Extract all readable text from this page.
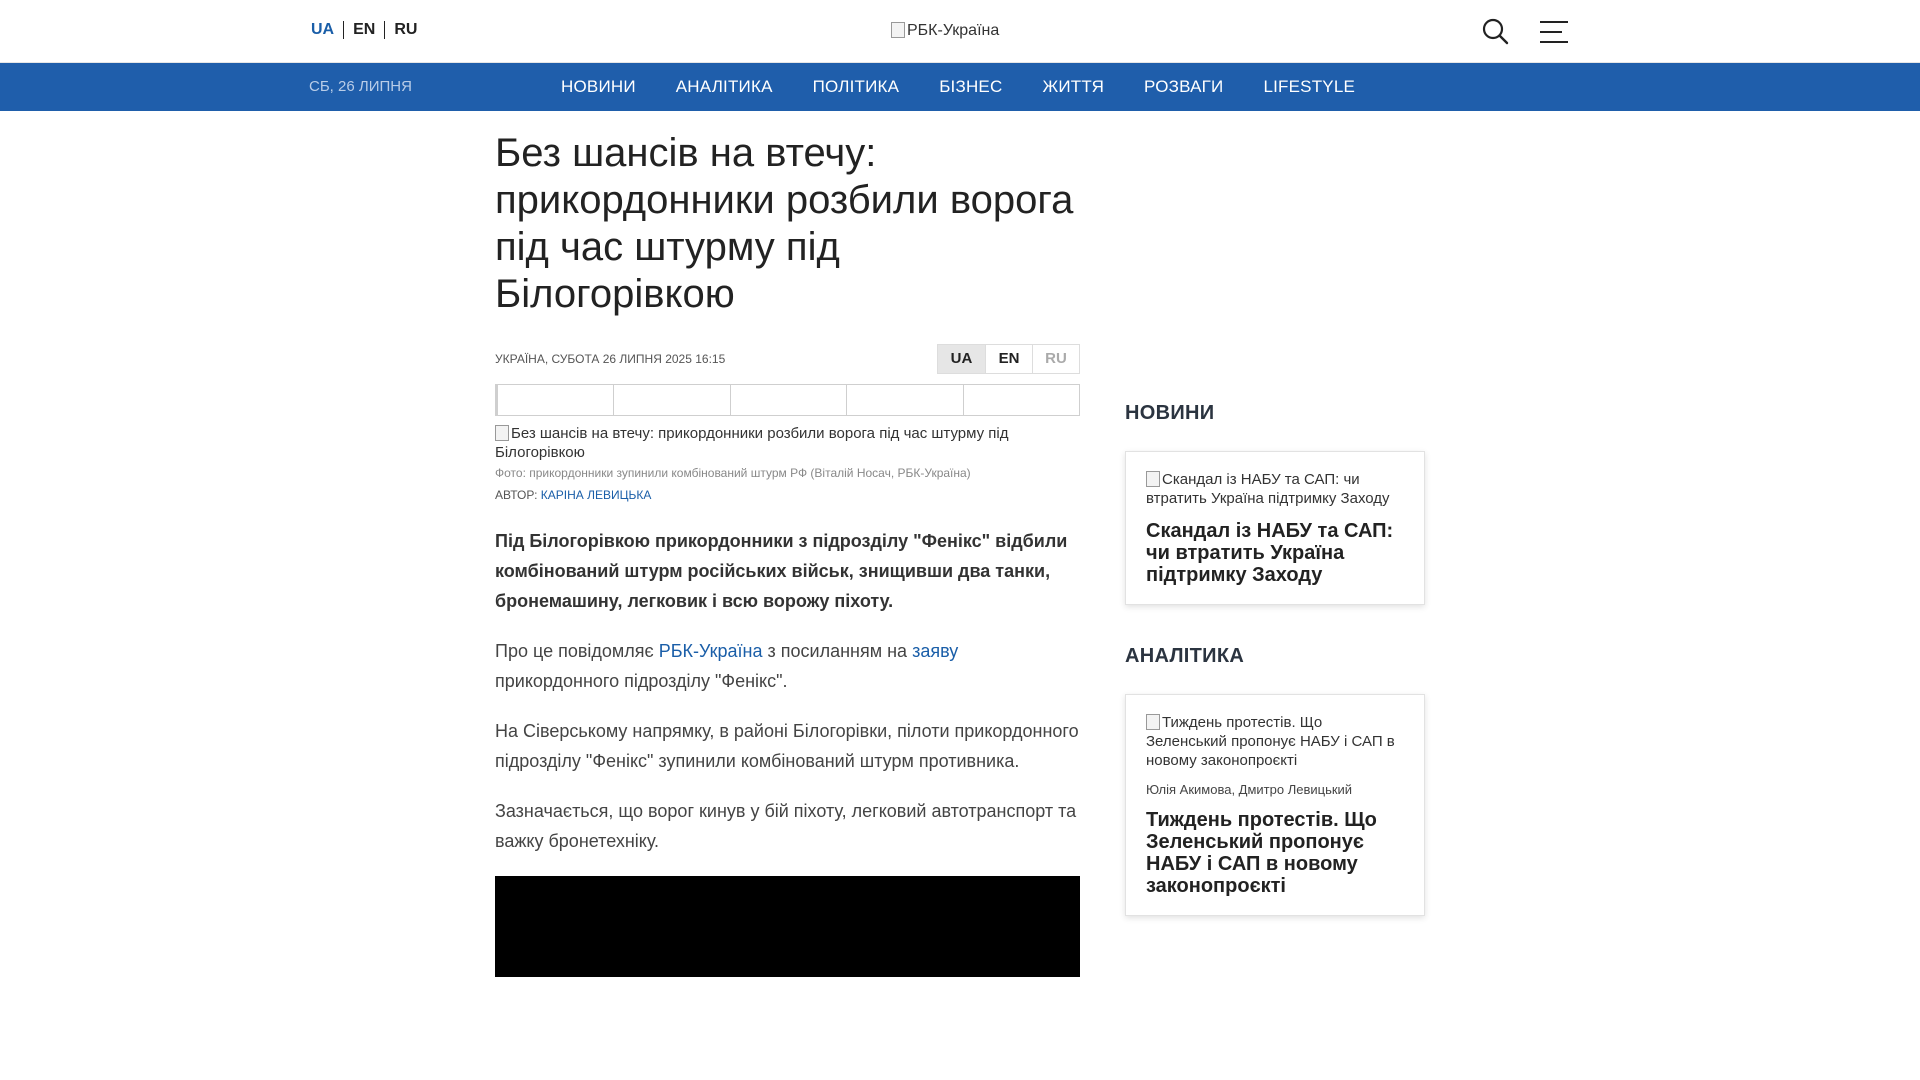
UA EN RU	РБК-Україна
СБ, 26 ЛИПНЯ	НОВИНИ АНАЛІТИКА ПОЛІТИКА БІЗНЕС ЖИТТЯ РОЗВАГИ LIFESTYLE
Без шансів на втечу: прикордонники розбили ворога під час штурму під Білогорівкою
УКРАЇНА, СУБОТА 26 ЛИПНЯ 2025 16:15	UA	EN	RU
Без шансів на втечу: прикордонники розбили ворога під час штурму під Білогорівкою
Фото: прикордонники зупинили комбінований штурм РФ (Віталій Носач, РБК-Україна)
АВТОР: КАРІНА ЛЕВИЦЬКА

Під Білогорівкою прикордонники з підрозділу "Фенікс" відбили комбінований штурм російських військ, знищивши два танки, бронемашину, легковик і всю ворожу піхоту.

Про це повідомляє РБК-Україна з посиланням на заяву прикордонного підрозділу "Фенікс".

На Сіверському напрямку, в районі Білогорівки, пілоти прикордонного підрозділу "Фенікс" зупинили комбінований штурм противника.

Зазначається, що ворог кинув у бій піхоту, легковий автотранспорт та важку бронетехніку.

НОВИНИ
Скандал із НАБУ та САП: чи втратить Україна підтримку Заходу
Скандал із НАБУ та САП: чи втратить Україна підтримку Заходу
АНАЛІТИКА
Тиждень протестів. Що Зеленський пропонує НАБУ і САП в новому законопроєкті
Юлія Акимова, Дмитро Левицький
Тиждень протестів. Що Зеленський пропонує НАБУ і САП в новому законопроєкті
